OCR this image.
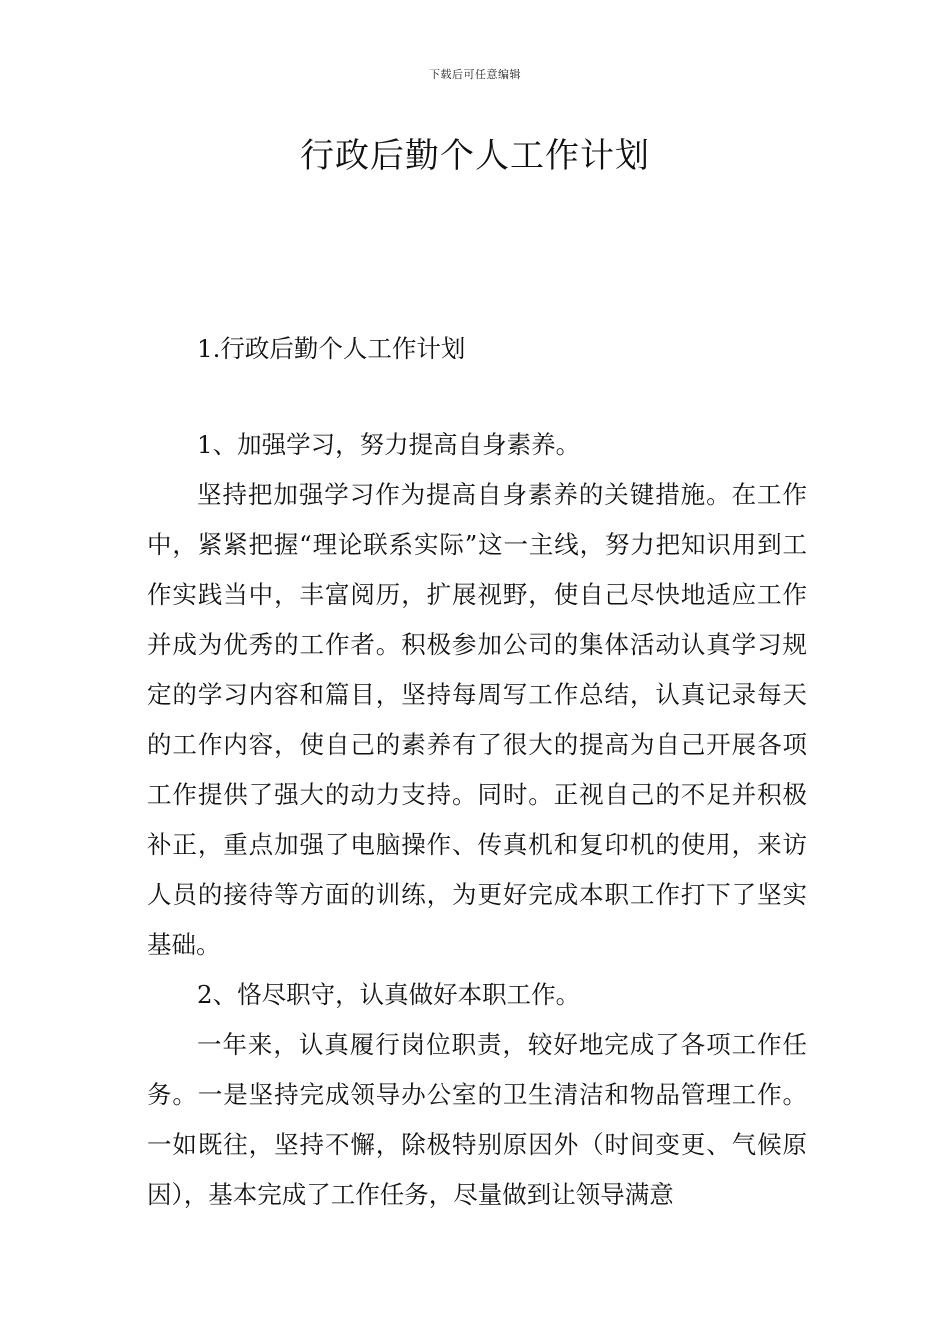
下载后可任意编辑
行政后勤个人工作计划

1.行政后勤个人工作计划

1、加强学习，努力提高自身素养。

坚持把加强学习作为提高自身素养的关键措施。在工作中，紧紧把握“理论联系实际”这一主线，努力把知识用到工作实践当中，丰富阅历，扩展视野，使自己尽快地适应工作并成为优秀的工作者。积极参加公司的集体活动认真学习规定的学习内容和篇目，坚持每周写工作总结，认真记录每天的工作内容，使自己的素养有了很大的提高为自己开展各项工作提供了强大的动力支持。同时。正视自己的不足并积极补正，重点加强了电脑操作、传真机和复印机的使用，来访人员的接待等方面的训练，为更好完成本职工作打下了坚实基础。

2、恪尽职守，认真做好本职工作。

一年来，认真履行岗位职责，较好地完成了各项工作任务。一是坚持完成领导办公室的卫生清洁和物品管理工作。一如既往，坚持不懈，除极特别原因外（时间变更、气候原因），基本完成了工作任务，尽量做到让领导满意
